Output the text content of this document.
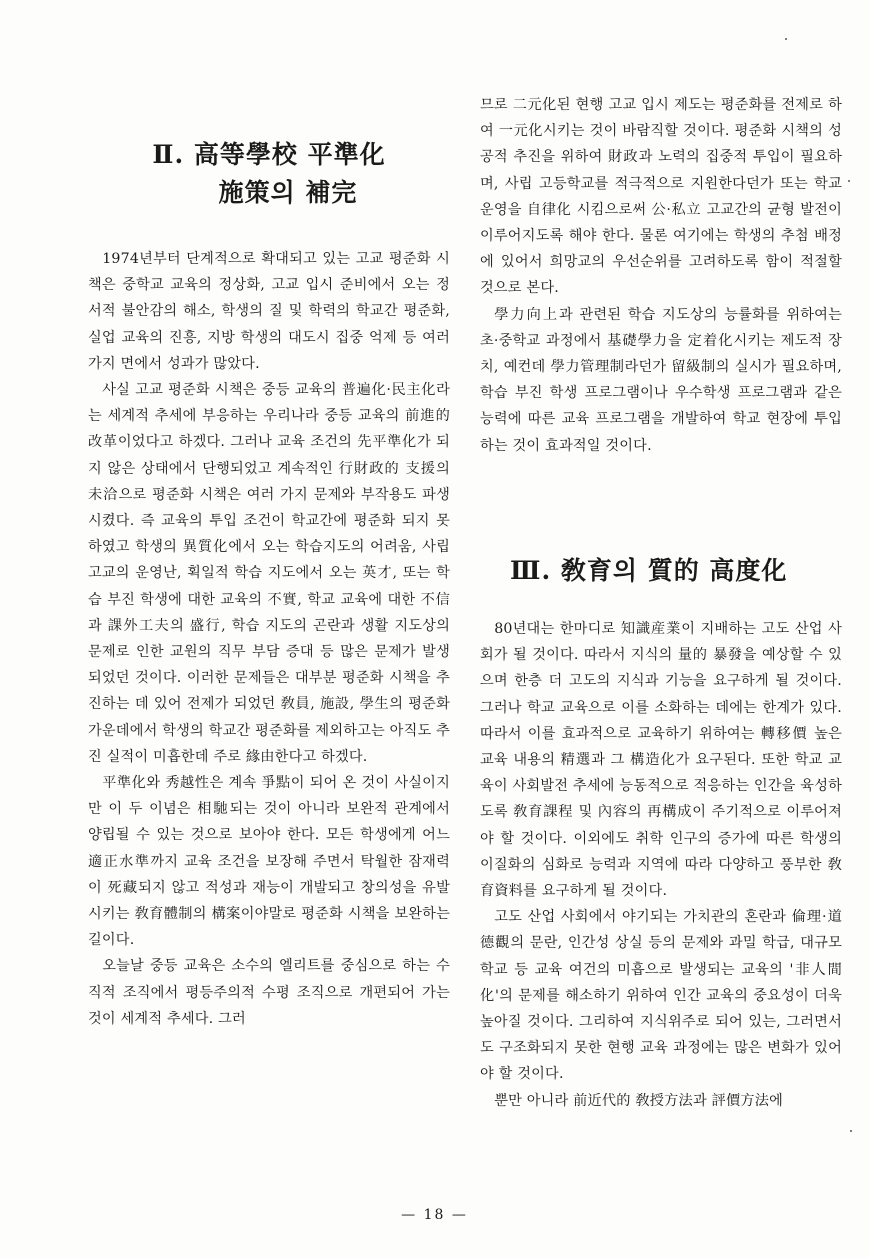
Ⅱ. 高等學校 平準化
施策의 補完

1974년부터 단계적으로 확대되고 있는 고교 평준화 시책은 중학교 교육의 정상화, 고교 입시 준비에서 오는 정서적 불안감의 해소, 학생의 질 및 학력의 학교간 평준화, 실업 교육의 진흥, 지방 학생의 대도시 집중 억제 등 여러 가지 면에서 성과가 많았다.

사실 고교 평준화 시책은 중등 교육의 普遍化·民主化라는 세계적 추세에 부응하는 우리나라 중등 교육의 前進的 改革이었다고 하겠다. 그러나 교육 조건의 先平準化가 되지 않은 상태에서 단행되었고 계속적인 行財政的 支援의 未洽으로 평준화 시책은 여러 가지 문제와 부작용도 파생시켰다. 즉 교육의 투입 조건이 학교간에 평준화 되지 못하였고 학생의 異質化에서 오는 학습지도의 어려움, 사립 고교의 운영난, 획일적 학습 지도에서 오는 英才, 또는 학습 부진 학생에 대한 교육의 不實, 학교 교육에 대한 不信과 課外工夫의 盛行, 학습 지도의 곤란과 생활 지도상의 문제로 인한 교원의 직무 부담 증대 등 많은 문제가 발생되었던 것이다. 이러한 문제들은 대부분 평준화 시책을 추진하는 데 있어 전제가 되었던 敎員, 施設, 學生의 평준화 가운데에서 학생의 학교간 평준화를 제외하고는 아직도 추진 실적이 미흡한데 주로 緣由한다고 하겠다.

平準化와 秀越性은 계속 爭點이 되어 온 것이 사실이지만 이 두 이념은 相馳되는 것이 아니라 보완적 관계에서 양립될 수 있는 것으로 보아야 한다. 모든 학생에게 어느 適正水準까지 교육 조건을 보장해 주면서 탁월한 잠재력이 死藏되지 않고 적성과 재능이 개발되고 창의성을 유발시키는 敎育體制의 構案이야말로 평준화 시책을 보완하는 길이다.

오늘날 중등 교육은 소수의 엘리트를 중심으로 하는 수직적 조직에서 평등주의적 수평 조직으로 개편되어 가는 것이 세계적 추세다. 그러

므로 二元化된 현행 고교 입시 제도는 평준화를 전제로 하여 一元化시키는 것이 바람직할 것이다. 평준화 시책의 성공적 추진을 위하여 財政과 노력의 집중적 투입이 필요하며, 사립 고등학교를 적극적으로 지원한다던가 또는 학교 운영을 自律化 시킴으로써 公·私立 고교간의 균형 발전이 이루어지도록 해야 한다. 물론 여기에는 학생의 추첨 배정에 있어서 희망교의 우선순위를 고려하도록 함이 적절할 것으로 본다.

學力向上과 관련된 학습 지도상의 능률화를 위하여는 초·중학교 과정에서 基礎學力을 定着化시키는 제도적 장치, 예컨데 學力管理制라던가 留級制의 실시가 필요하며, 학습 부진 학생 프로그램이나 우수학생 프로그램과 같은 능력에 따른 교육 프로그램을 개발하여 학교 현장에 투입하는 것이 효과적일 것이다.

Ⅲ. 敎育의 質的 高度化

80년대는 한마디로 知識産業이 지배하는 고도 산업 사회가 될 것이다. 따라서 지식의 量的 暴發을 예상할 수 있으며 한층 더 고도의 지식과 기능을 요구하게 될 것이다. 그러나 학교 교육으로 이를 소화하는 데에는 한계가 있다. 따라서 이를 효과적으로 교육하기 위하여는 轉移價 높은 교육 내용의 精選과 그 構造化가 요구된다. 또한 학교 교육이 사회발전 추세에 능동적으로 적응하는 인간을 육성하도록 敎育課程 및 內容의 再構成이 주기적으로 이루어져야 할 것이다. 이외에도 취학 인구의 증가에 따른 학생의 이질화의 심화로 능력과 지역에 따라 다양하고 풍부한 敎育資料를 요구하게 될 것이다.

고도 산업 사회에서 야기되는 가치관의 혼란과 倫理·道德觀의 문란, 인간성 상실 등의 문제와 과밀 학급, 대규모 학교 등 교육 여건의 미흡으로 발생되는 교육의 '非人間化'의 문제를 해소하기 위하여 인간 교육의 중요성이 더욱 높아질 것이다. 그리하여 지식위주로 되어 있는, 그러면서도 구조화되지 못한 현행 교육 과정에는 많은 변화가 있어야 할 것이다.

뿐만 아니라 前近代的 敎授方法과 評價方法에

— 18 —
